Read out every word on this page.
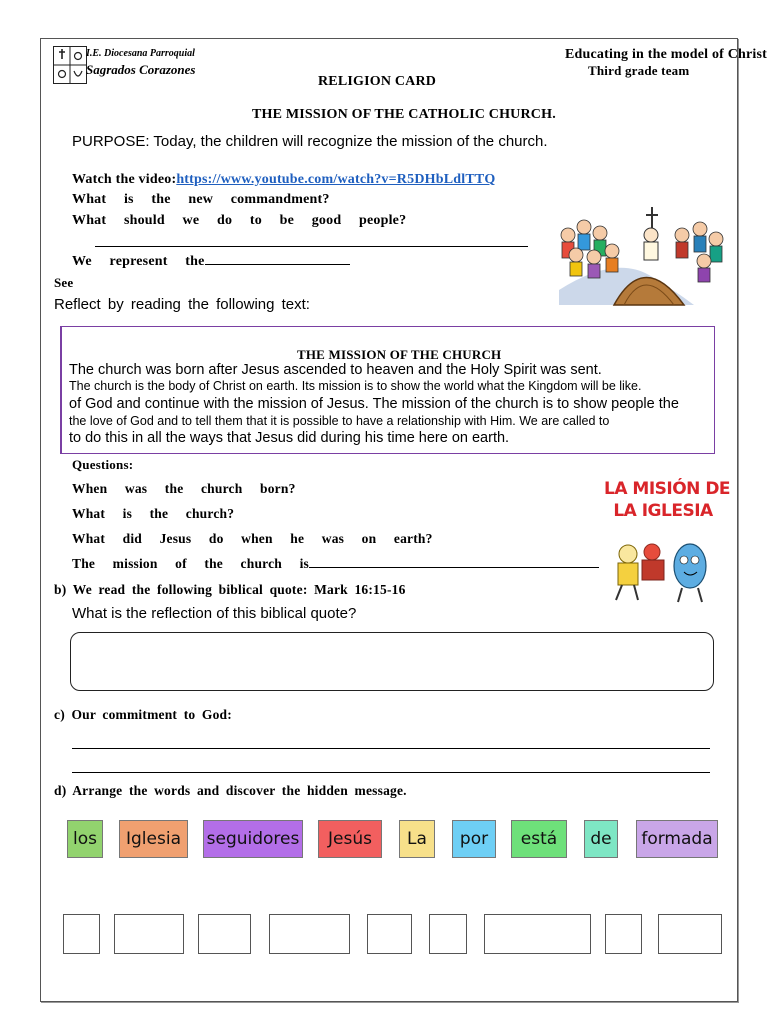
I.E. Diocesana Parroquial
Sagrados Corazones
Educating in the model of Christ
Third grade team
RELIGION CARD
THE MISSION OF THE CATHOLIC CHURCH.
PURPOSE: Today, the children will recognize the mission of the church.
Watch the video:https://www.youtube.com/watch?v=R5DHbLdlTTQ
What is the new commandment?
What should we do to be good people?
We represent the
See
Reflect by reading the following text:
THE MISSION OF THE CHURCH
The church was born after Jesus ascended to heaven and the Holy Spirit was sent.
The church is the body of Christ on earth. Its mission is to show the world what the Kingdom will be like.
of God and continue with the mission of Jesus. The mission of the church is to show people the
the love of God and to tell them that it is possible to have a relationship with Him. We are called to
to do this in all the ways that Jesus did during his time here on earth.
Questions:
When was the church born?
What is the church?
What did Jesus do when he was on earth?
The mission of the church is
LA MISIÓN DE
LA IGLESIA
b) We read the following biblical quote: Mark 16:15-16
What is the reflection of this biblical quote?
c) Our commitment to God:
d) Arrange the words and discover the hidden message.
los	Iglesia	seguidores	Jesús	La	por	está	de	formada
